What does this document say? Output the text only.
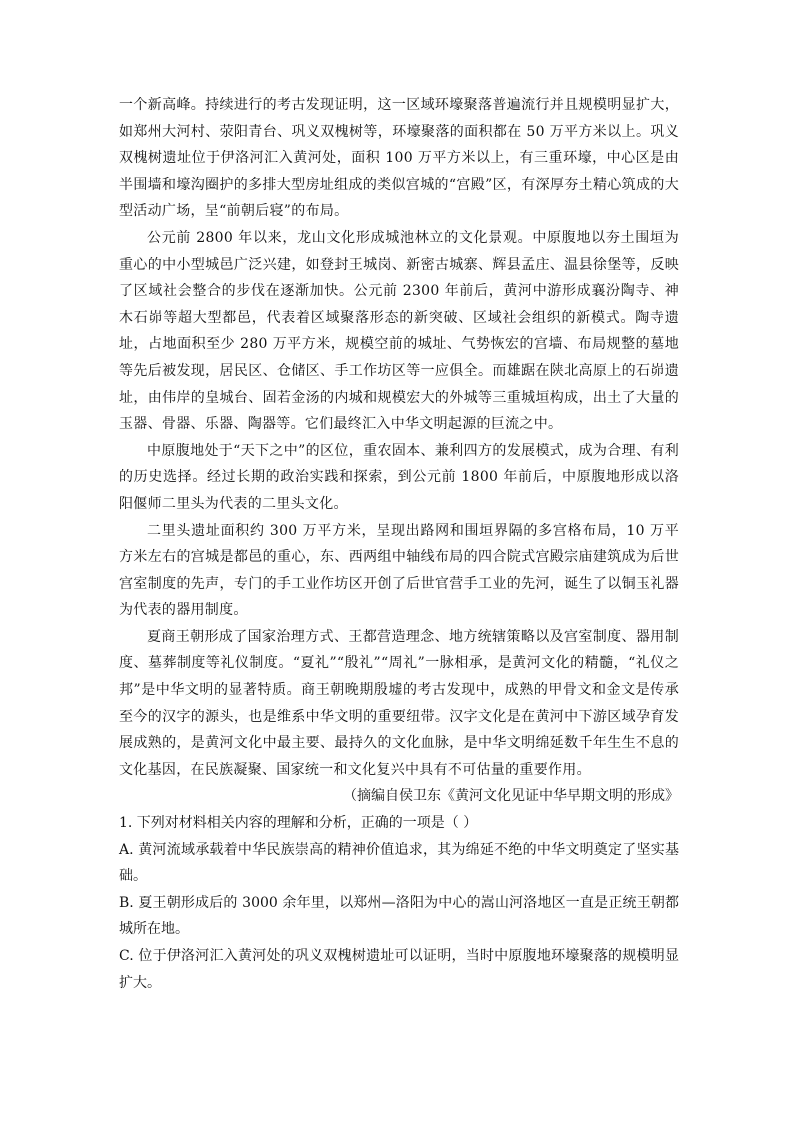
一个新高峰。持续进行的考古发现证明，这一区域环壕聚落普遍流行并且规模明显扩大，如郑州大河村、荥阳青台、巩义双槐树等，环壕聚落的面积都在 50 万平方米以上。巩义双槐树遗址位于伊洛河汇入黄河处，面积 100 万平方米以上，有三重环壕，中心区是由半围墙和壕沟圈护的多排大型房址组成的类似宫城的“宫殿”区，有深厚夯土精心筑成的大型活动广场，呈“前朝后寝”的布局。

公元前 2800 年以来，龙山文化形成城池林立的文化景观。中原腹地以夯土围垣为重心的中小型城邑广泛兴建，如登封王城岗、新密古城寨、辉县孟庄、温县徐堡等，反映了区域社会整合的步伐在逐渐加快。公元前 2300 年前后，黄河中游形成襄汾陶寺、神木石峁等超大型都邑，代表着区域聚落形态的新突破、区域社会组织的新模式。陶寺遗址，占地面积至少 280 万平方米，规模空前的城址、气势恢宏的宫墙、布局规整的墓地等先后被发现，居民区、仓储区、手工作坊区等一应俱全。而雄踞在陕北高原上的石峁遗址，由伟岸的皇城台、固若金汤的内城和规模宏大的外城等三重城垣构成，出土了大量的玉器、骨器、乐器、陶器等。它们最终汇入中华文明起源的巨流之中。

中原腹地处于“天下之中”的区位，重农固本、兼利四方的发展模式，成为合理、有利的历史选择。经过长期的政治实践和探索，到公元前 1800 年前后，中原腹地形成以洛阳偃师二里头为代表的二里头文化。

二里头遗址面积约 300 万平方米，呈现出路网和围垣界隔的多宫格布局，10 万平方米左右的宫城是都邑的重心，东、西两组中轴线布局的四合院式宫殿宗庙建筑成为后世宫室制度的先声，专门的手工业作坊区开创了后世官营手工业的先河，诞生了以铜玉礼器为代表的器用制度。

夏商王朝形成了国家治理方式、王都营造理念、地方统辖策略以及宫室制度、器用制度、墓葬制度等礼仪制度。“夏礼”“殷礼”“周礼”一脉相承，是黄河文化的精髓，“礼仪之邦”是中华文明的显著特质。商王朝晚期殷墟的考古发现中，成熟的甲骨文和金文是传承至今的汉字的源头，也是维系中华文明的重要纽带。汉字文化是在黄河中下游区域孕育发展成熟的，是黄河文化中最主要、最持久的文化血脉，是中华文明绵延数千年生生不息的文化基因，在民族凝聚、国家统一和文化复兴中具有不可估量的重要作用。

（摘编自侯卫东《黄河文化见证中华早期文明的形成》

1. 下列对材料相关内容的理解和分析，正确的一项是（ ）

A. 黄河流域承载着中华民族崇高的精神价值追求，其为绵延不绝的中华文明奠定了坚实基础。

B. 夏王朝形成后的 3000 余年里，以郑州—洛阳为中心的嵩山河洛地区一直是正统王朝都城所在地。

C. 位于伊洛河汇入黄河处的巩义双槐树遗址可以证明，当时中原腹地环壕聚落的规模明显扩大。
